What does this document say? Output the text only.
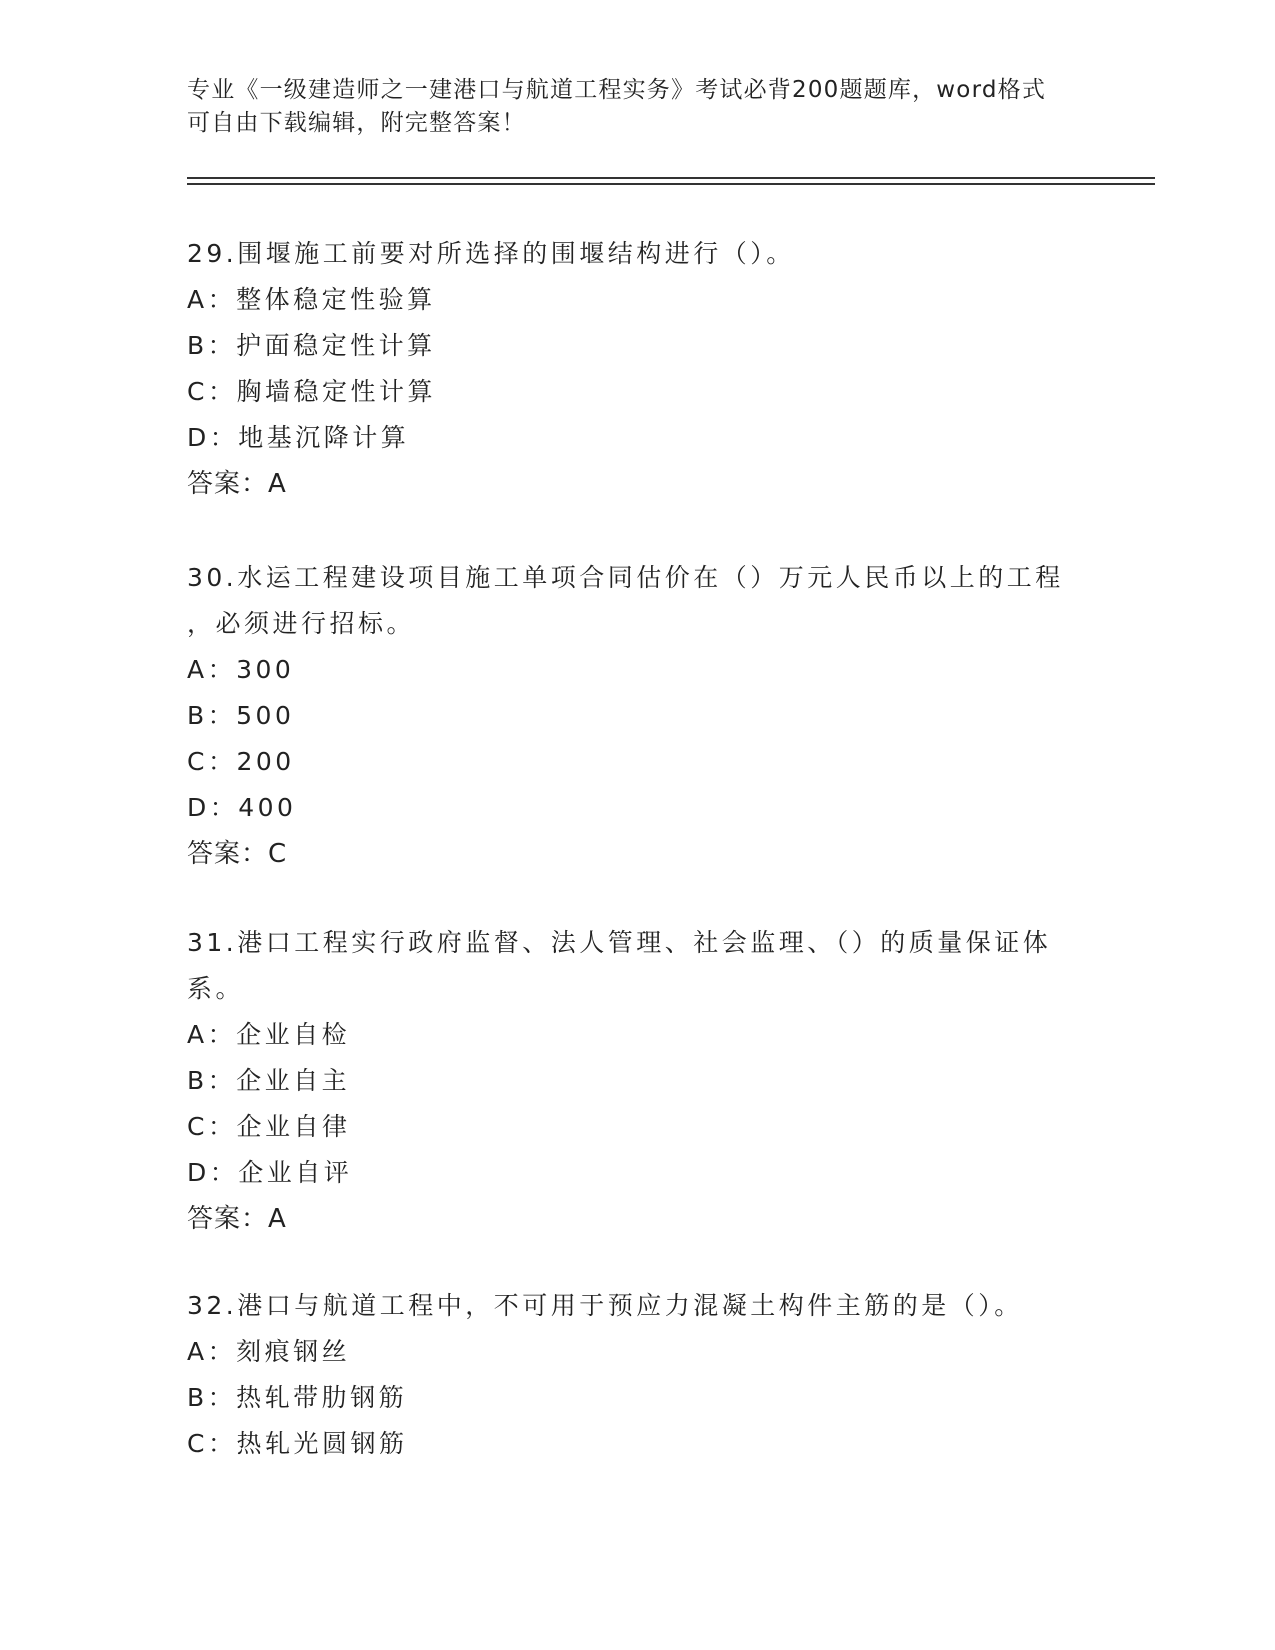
专业《一级建造师之一建港口与航道工程实务》考试必背200题题库，word格式
可自由下载编辑，附完整答案！
29.围堰施工前要对所选择的围堰结构进行（）。
A：整体稳定性验算
B：护面稳定性计算
C：胸墙稳定性计算
D：地基沉降计算
答案：A
30.水运工程建设项目施工单项合同估价在（）万元人民币以上的工程
，必须进行招标。
A：300
B：500
C：200
D：400
答案：C
31.港口工程实行政府监督、法人管理、社会监理、（）的质量保证体
系。
A：企业自检
B：企业自主
C：企业自律
D：企业自评
答案：A
32.港口与航道工程中，不可用于预应力混凝土构件主筋的是（）。
A：刻痕钢丝
B：热轧带肋钢筋
C：热轧光圆钢筋
